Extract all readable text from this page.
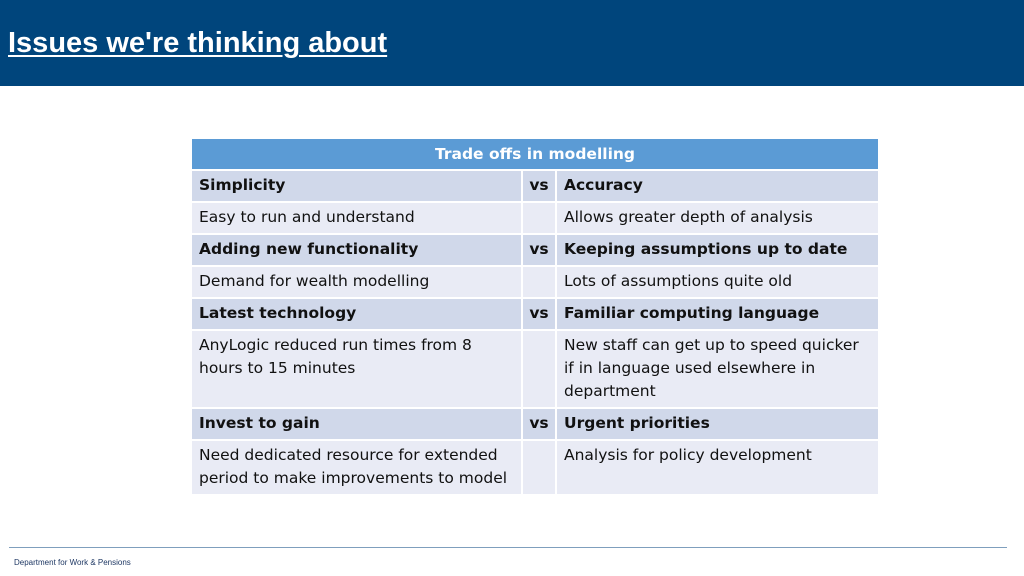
Issues we're thinking about
Trade offs in modelling		
Simplicity	vs	Accuracy
Easy to run and understand		Allows greater depth of analysis
Adding new functionality	vs	Keeping assumptions up to date
Demand for wealth modelling		Lots of assumptions quite old
Latest technology	vs	Familiar computing language
AnyLogic reduced run times from 8 hours to 15 minutes		New staff can get up to speed quicker if in language used elsewhere in department
Invest to gain	vs	Urgent priorities
Need dedicated resource for extended period to make improvements to model		Analysis for policy development
Department for Work & Pensions
